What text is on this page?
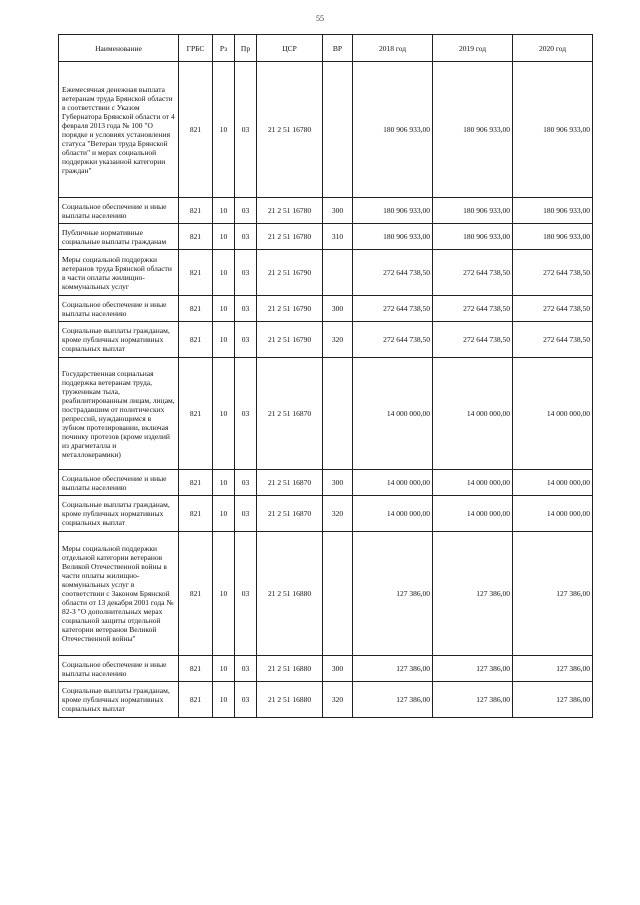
55
Наименование	ГРБС	Рз	Пр	ЦСР	ВР	2018 год	2019 год	2020 год
Ежемесячная денежная выплата ветеранам труда Брянской области в соответствии с Указом Губернатора Брянской области от 4 февраля 2013 года № 100 "О порядке и условиях установления статуса "Ветеран труда Брянской области" и мерах социальной поддержки указанной категории граждан"	821	10	03	21 2 51 16780		180 906 933,00	180 906 933,00	180 906 933,00
Социальное обеспечение и иные выплаты населению	821	10	03	21 2 51 16780	300	180 906 933,00	180 906 933,00	180 906 933,00
Публичные нормативные социальные выплаты гражданам	821	10	03	21 2 51 16780	310	180 906 933,00	180 906 933,00	180 906 933,00
Меры социальной поддержки ветеранов труда Брянской области в части оплаты жилищно-коммунальных услуг	821	10	03	21 2 51 16790		272 644 738,50	272 644 738,50	272 644 738,50
Социальное обеспечение и иные выплаты населению	821	10	03	21 2 51 16790	300	272 644 738,50	272 644 738,50	272 644 738,50
Социальные выплаты гражданам, кроме публичных нормативных социальных выплат	821	10	03	21 2 51 16790	320	272 644 738,50	272 644 738,50	272 644 738,50
Государственная социальная поддержка ветеранам труда, труженикам тыла, реабилитированным лицам, лицам, пострадавшим от политических репрессий, нуждающимся в зубном протезировании, включая починку протезов (кроме изделий из драгметалла и металлокерамики)	821	10	03	21 2 51 16870		14 000 000,00	14 000 000,00	14 000 000,00
Социальное обеспечение и иные выплаты населению	821	10	03	21 2 51 16870	300	14 000 000,00	14 000 000,00	14 000 000,00
Социальные выплаты гражданам, кроме публичных нормативных социальных выплат	821	10	03	21 2 51 16870	320	14 000 000,00	14 000 000,00	14 000 000,00
Меры социальной поддержки отдельной категории ветеранов Великой Отечественной войны в части оплаты жилищно-коммунальных услуг в соответствии с Законом Брянской области от 13 декабря 2001 года № 82-З "О дополнительных мерах социальной защиты отдельной категории ветеранов Великой Отечественной войны"	821	10	03	21 2 51 16880		127 386,00	127 386,00	127 386,00
Социальное обеспечение и иные выплаты населению	821	10	03	21 2 51 16880	300	127 386,00	127 386,00	127 386,00
Социальные выплаты гражданам, кроме публичных нормативных социальных выплат	821	10	03	21 2 51 16880	320	127 386,00	127 386,00	127 386,00
